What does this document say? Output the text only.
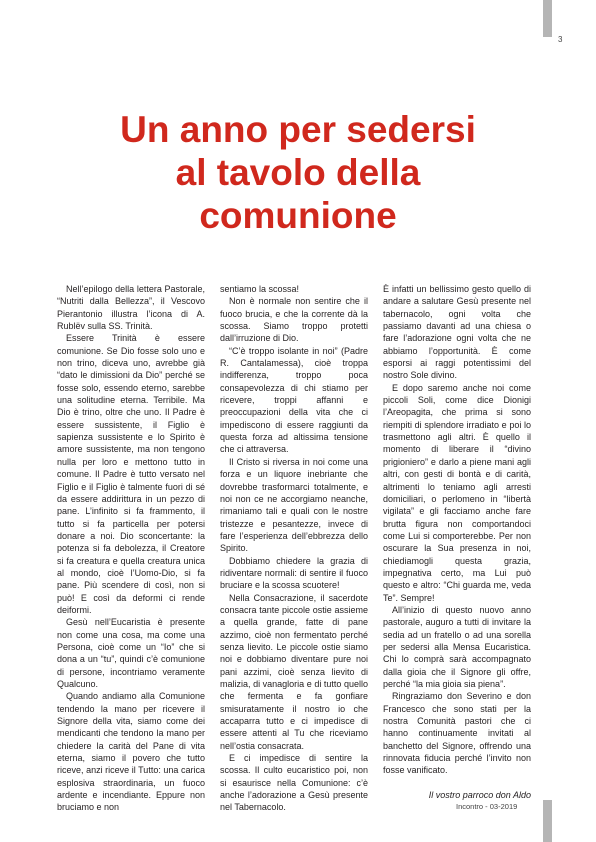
3
Un anno per sedersi
al tavolo della
comunione

Nell’epilogo della lettera Pastorale, “Nutriti dalla Bellezza”, il Vescovo Pierantonio illustra l’icona di A. Rublëv sulla SS. Trinità.

Essere Trinità è essere comunione. Se Dio fosse solo uno e non trino, diceva uno, avrebbe già “dato le dimissioni da Dio” perché se fosse solo, essendo eterno, sarebbe una solitudine eterna. Terribile. Ma Dio è trino, oltre che uno. Il Padre è essere sussistente, il Figlio è sapienza sussistente e lo Spirito è amore sussistente, ma non tengono nulla per loro e mettono tutto in comune. Il Padre è tutto versato nel Figlio e il Figlio è talmente fuori di sé da essere addirittura in un pezzo di pane. L’infinito si fa frammento, il tutto si fa particella per potersi donare a noi. Dio sconcertante: la potenza si fa debolezza, il Creatore si fa creatura e quella creatura unica al mondo, cioè l’Uomo-Dio, si fa pane. Più scendere di così, non si può! E così da deformi ci rende deiformi.

Gesù nell’Eucaristia è presente non come una cosa, ma come una Persona, cioè come un “Io” che si dona a un “tu”, quindi c’è comunione di persone, incontriamo veramente Qualcuno.

Quando andiamo alla Comunione tendendo la mano per ricevere il Signore della vita, siamo come dei mendicanti che tendono la mano per chiedere la carità del Pane di vita eterna, siamo il povero che tutto riceve, anzi riceve il Tutto: una carica esplosiva straordinaria, un fuoco ardente e incendiante. Eppure non bruciamo e non

sentiamo la scossa!

Non è normale non sentire che il fuoco brucia, e che la corrente dà la scossa. Siamo troppo protetti dall’irruzione di Dio.

“C’è troppo isolante in noi” (Padre R. Cantalamessa), cioè troppa indifferenza, troppo poca consapevolezza di chi stiamo per ricevere, troppi affanni e preoccupazioni della vita che ci impediscono di essere raggiunti da questa forza ad altissima tensione che ci attraversa.

Il Cristo si riversa in noi come una forza e un liquore inebriante che dovrebbe trasformarci totalmente, e noi non ce ne accorgiamo neanche, rimaniamo tali e quali con le nostre tristezze e pesantezze, invece di fare l’esperienza dell’ebbrezza dello Spirito.

Dobbiamo chiedere la grazia di ridiventare normali: di sentire il fuoco bruciare e la scossa scuotere!

Nella Consacrazione, il sacerdote consacra tante piccole ostie assieme a quella grande, fatte di pane azzimo, cioè non fermentato perché senza lievito. Le piccole ostie siamo noi e dobbiamo diventare pure noi pani azzimi, cioè senza lievito di malizia, di vanagloria e di tutto quello che fermenta e fa gonfiare smisuratamente il nostro io che accaparra tutto e ci impedisce di essere attenti al Tu che riceviamo nell’ostia consacrata.

E ci impedisce di sentire la scossa. Il culto eucaristico poi, non si esaurisce nella Comunione: c’è anche l’adorazione a Gesù presente nel Tabernacolo.

È infatti un bellissimo gesto quello di andare a salutare Gesù presente nel tabernacolo, ogni volta che passiamo davanti ad una chiesa o fare l’adorazione ogni volta che ne abbiamo l’opportunità. È come esporsi ai raggi potentissimi del nostro Sole divino.

E dopo saremo anche noi come piccoli Soli, come dice Dionigi l’Areopagita, che prima si sono riempiti di splendore irradiato e poi lo trasmettono agli altri. È quello il momento di liberare il “divino prigioniero” e darlo a piene mani agli altri, con gesti di bontà e di carità, altrimenti lo teniamo agli arresti domiciliari, o perlomeno in “libertà vigilata” e gli facciamo anche fare brutta figura non comportandoci come Lui si comporterebbe. Per non oscurare la Sua presenza in noi, chiediamogli questa grazia, impegnativa certo, ma Lui può questo e altro: “Chi guarda me, veda Te”. Sempre!

All’inizio di questo nuovo anno pastorale, auguro a tutti di invitare la sedia ad un fratello o ad una sorella per sedersi alla Mensa Eucaristica. Chi lo comprà sarà accompagnato dalla gioia che il Signore gli offre, perché “la mia gioia sia piena”.

Ringraziamo don Severino e don Francesco che sono stati per la nostra Comunità pastori che ci hanno continuamente invitati al banchetto del Signore, offrendo una rinnovata fiducia perché l’invito non fosse vanificato.

Il vostro parroco don Aldo

Incontro - 03-2019
